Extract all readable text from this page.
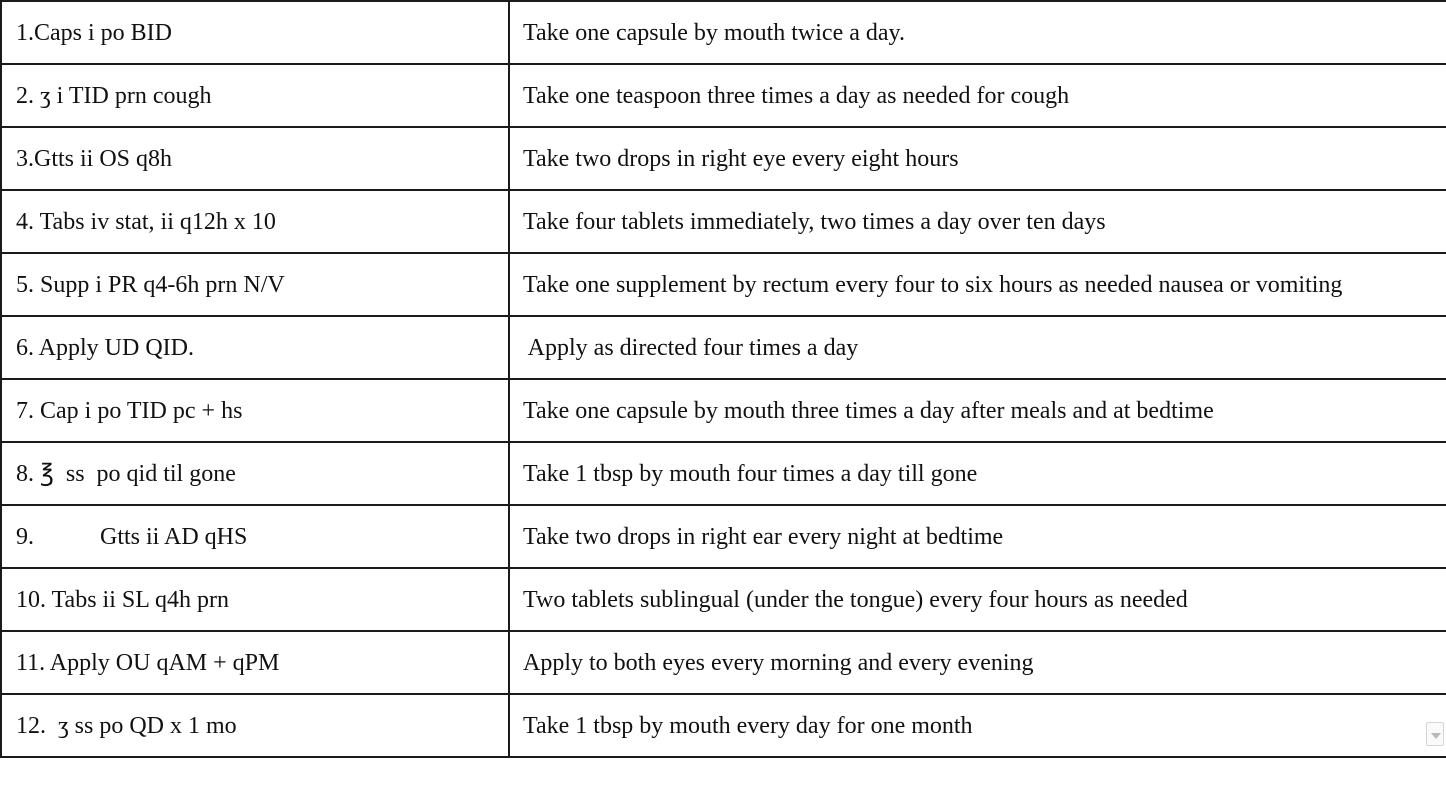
1.Caps i po BID	Take one capsule by mouth twice a day.
2. ʒ i TID prn cough	Take one teaspoon three times a day as needed for cough
3.Gtts ii OS q8h	Take two drops in right eye every eight hours
4. Tabs iv stat, ii q12h x 10	Take four tablets immediately, two times a day over ten days
5. Supp i PR q4-6h prn N/V	Take one supplement by rectum every four to six hours as needed nausea or vomiting
6. Apply UD QID.	Apply as directed four times a day
7. Cap i po TID pc + hs	Take one capsule by mouth three times a day after meals and at bedtime
8. ℥  ss  po qid til gone	Take 1 tbsp by mouth four times a day till gone
9.           Gtts ii AD qHS	Take two drops in right ear every night at bedtime
10. Tabs ii SL q4h prn	Two tablets sublingual (under the tongue) every four hours as needed
11. Apply OU qAM + qPM	Apply to both eyes every morning and every evening
12.  ʒ ss po QD x 1 mo	Take 1 tbsp by mouth every day for one month
